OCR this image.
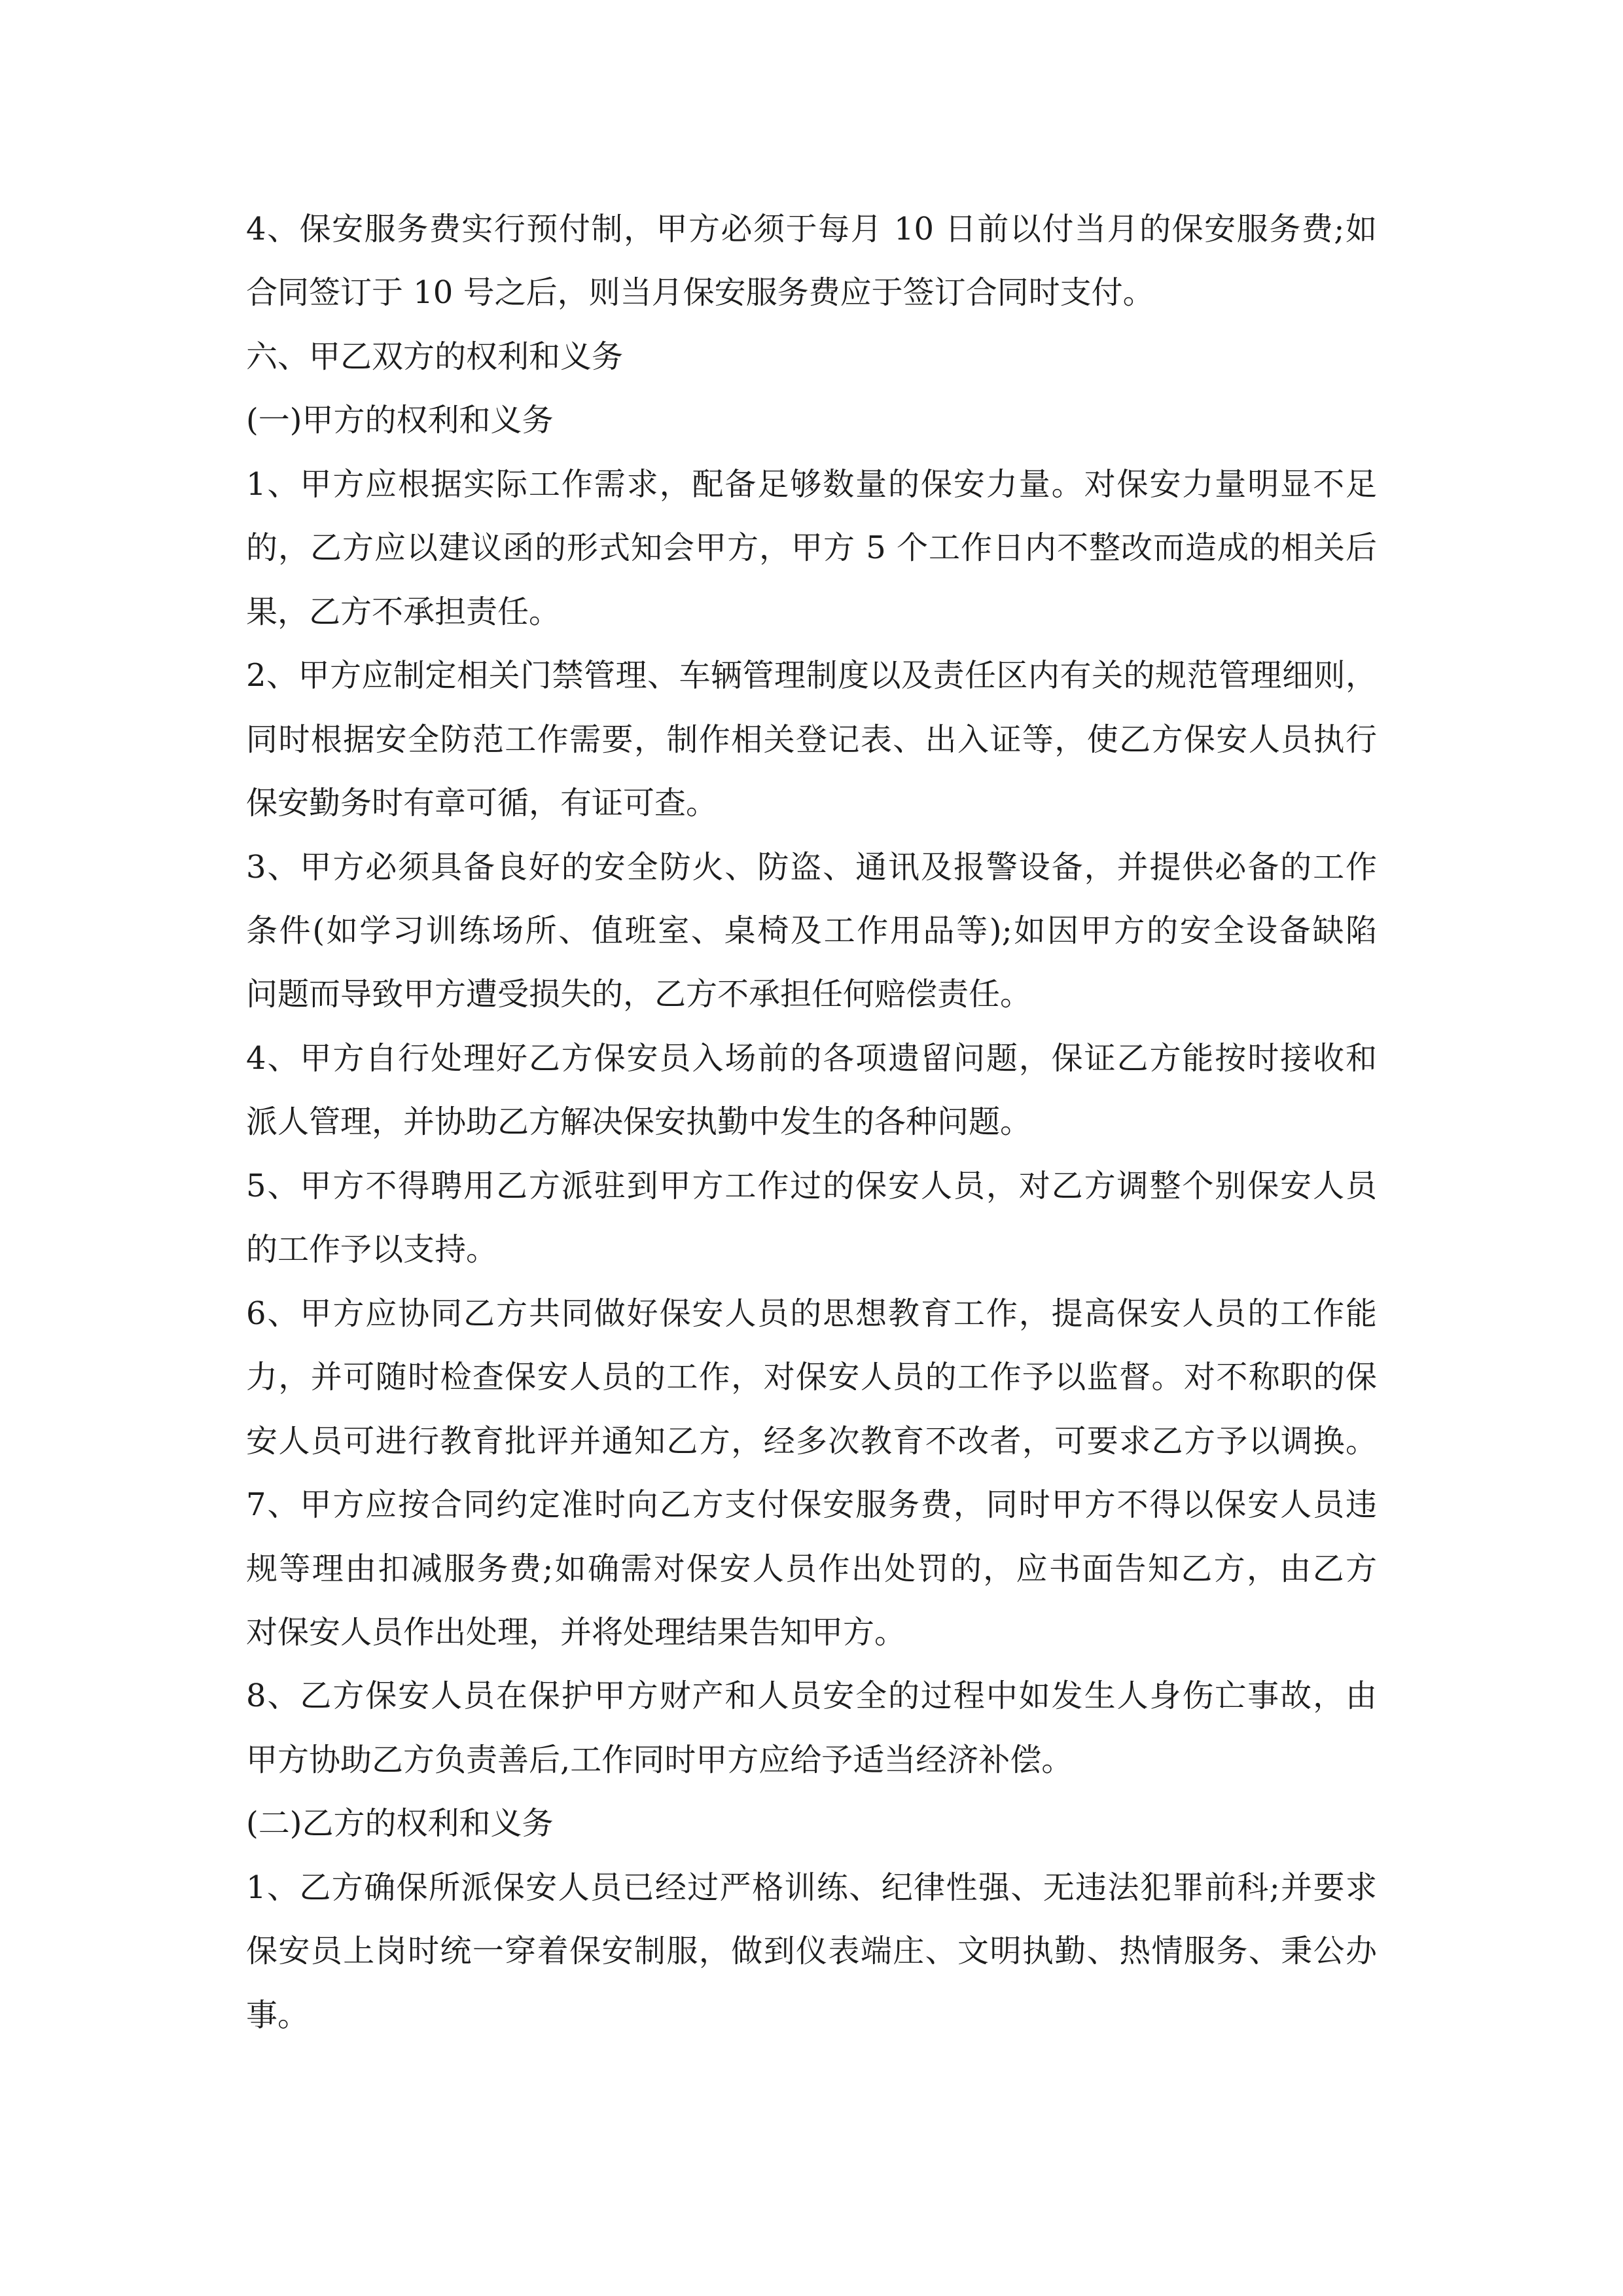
4、保安服务费实行预付制，甲方必须于每月 10 日前以付当月的保安服务费;如
合同签订于 10 号之后，则当月保安服务费应于签订合同时支付。
六、甲乙双方的权利和义务
(一)甲方的权利和义务
1、甲方应根据实际工作需求，配备足够数量的保安力量。对保安力量明显不足
的，乙方应以建议函的形式知会甲方，甲方 5 个工作日内不整改而造成的相关后
果，乙方不承担责任。
2、甲方应制定相关门禁管理、车辆管理制度以及责任区内有关的规范管理细则，
同时根据安全防范工作需要，制作相关登记表、出入证等，使乙方保安人员执行
保安勤务时有章可循，有证可查。
3、甲方必须具备良好的安全防火、防盗、通讯及报警设备，并提供必备的工作
条件(如学习训练场所、值班室、桌椅及工作用品等);如因甲方的安全设备缺陷
问题而导致甲方遭受损失的，乙方不承担任何赔偿责任。
4、甲方自行处理好乙方保安员入场前的各项遗留问题，保证乙方能按时接收和
派人管理，并协助乙方解决保安执勤中发生的各种问题。
5、甲方不得聘用乙方派驻到甲方工作过的保安人员，对乙方调整个别保安人员
的工作予以支持。
6、甲方应协同乙方共同做好保安人员的思想教育工作，提高保安人员的工作能
力，并可随时检查保安人员的工作，对保安人员的工作予以监督。对不称职的保
安人员可进行教育批评并通知乙方，经多次教育不改者，可要求乙方予以调换。
7、甲方应按合同约定准时向乙方支付保安服务费，同时甲方不得以保安人员违
规等理由扣减服务费;如确需对保安人员作出处罚的，应书面告知乙方，由乙方
对保安人员作出处理，并将处理结果告知甲方。
8、乙方保安人员在保护甲方财产和人员安全的过程中如发生人身伤亡事故，由
甲方协助乙方负责善后,工作同时甲方应给予适当经济补偿。
(二)乙方的权利和义务
1、乙方确保所派保安人员已经过严格训练、纪律性强、无违法犯罪前科;并要求
保安员上岗时统一穿着保安制服，做到仪表端庄、文明执勤、热情服务、秉公办
事。
